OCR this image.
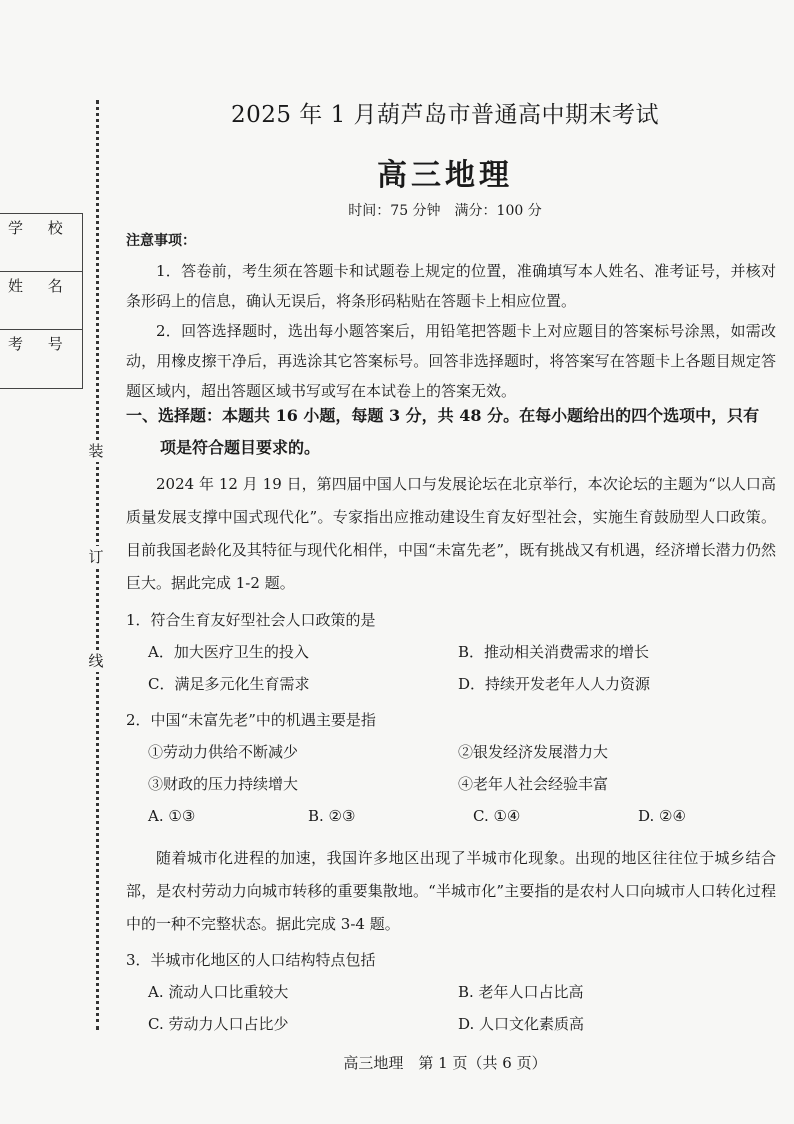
学 校
姓 名
考 号
装
订
线
2025 年 1 月葫芦岛市普通高中期末考试
高三地理
时间：75 分钟　满分：100 分
注意事项：
1．答卷前，考生须在答题卡和试题卷上规定的位置，准确填写本人姓名、准考证号，并核对条形码上的信息，确认无误后，将条形码粘贴在答题卡上相应位置。
2．回答选择题时，选出每小题答案后，用铅笔把答题卡上对应题目的答案标号涂黑，如需改动，用橡皮擦干净后，再选涂其它答案标号。回答非选择题时，将答案写在答题卡上各题目规定答题区域内，超出答题区域书写或写在本试卷上的答案无效。
一、选择题：本题共 16 小题，每题 3 分，共 48 分。在每小题给出的四个选项中，只有
项是符合题目要求的。
2024 年 12 月 19 日，第四届中国人口与发展论坛在北京举行，本次论坛的主题为“以人口高质量发展支撑中国式现代化”。专家指出应推动建设生育友好型社会，实施生育鼓励型人口政策。目前我国老龄化及其特征与现代化相伴，中国“未富先老”，既有挑战又有机遇，经济增长潜力仍然巨大。据此完成 1-2 题。
1．符合生育友好型社会人口政策的是
A．加大医疗卫生的投入	B．推动相关消费需求的增长
C．满足多元化生育需求	D．持续开发老年人人力资源
2．中国“未富先老”中的机遇主要是指
①劳动力供给不断减少	②银发经济发展潜力大
③财政的压力持续增大	④老年人社会经验丰富
A. ①③	B. ②③	C. ①④	D. ②④
随着城市化进程的加速，我国许多地区出现了半城市化现象。出现的地区往往位于城乡结合部，是农村劳动力向城市转移的重要集散地。“半城市化”主要指的是农村人口向城市人口转化过程中的一种不完整状态。据此完成 3-4 题。
3．半城市化地区的人口结构特点包括
A. 流动人口比重较大	B. 老年人口占比高
C. 劳动力人口占比少	D. 人口文化素质高
高三地理　第 1 页（共 6 页）
